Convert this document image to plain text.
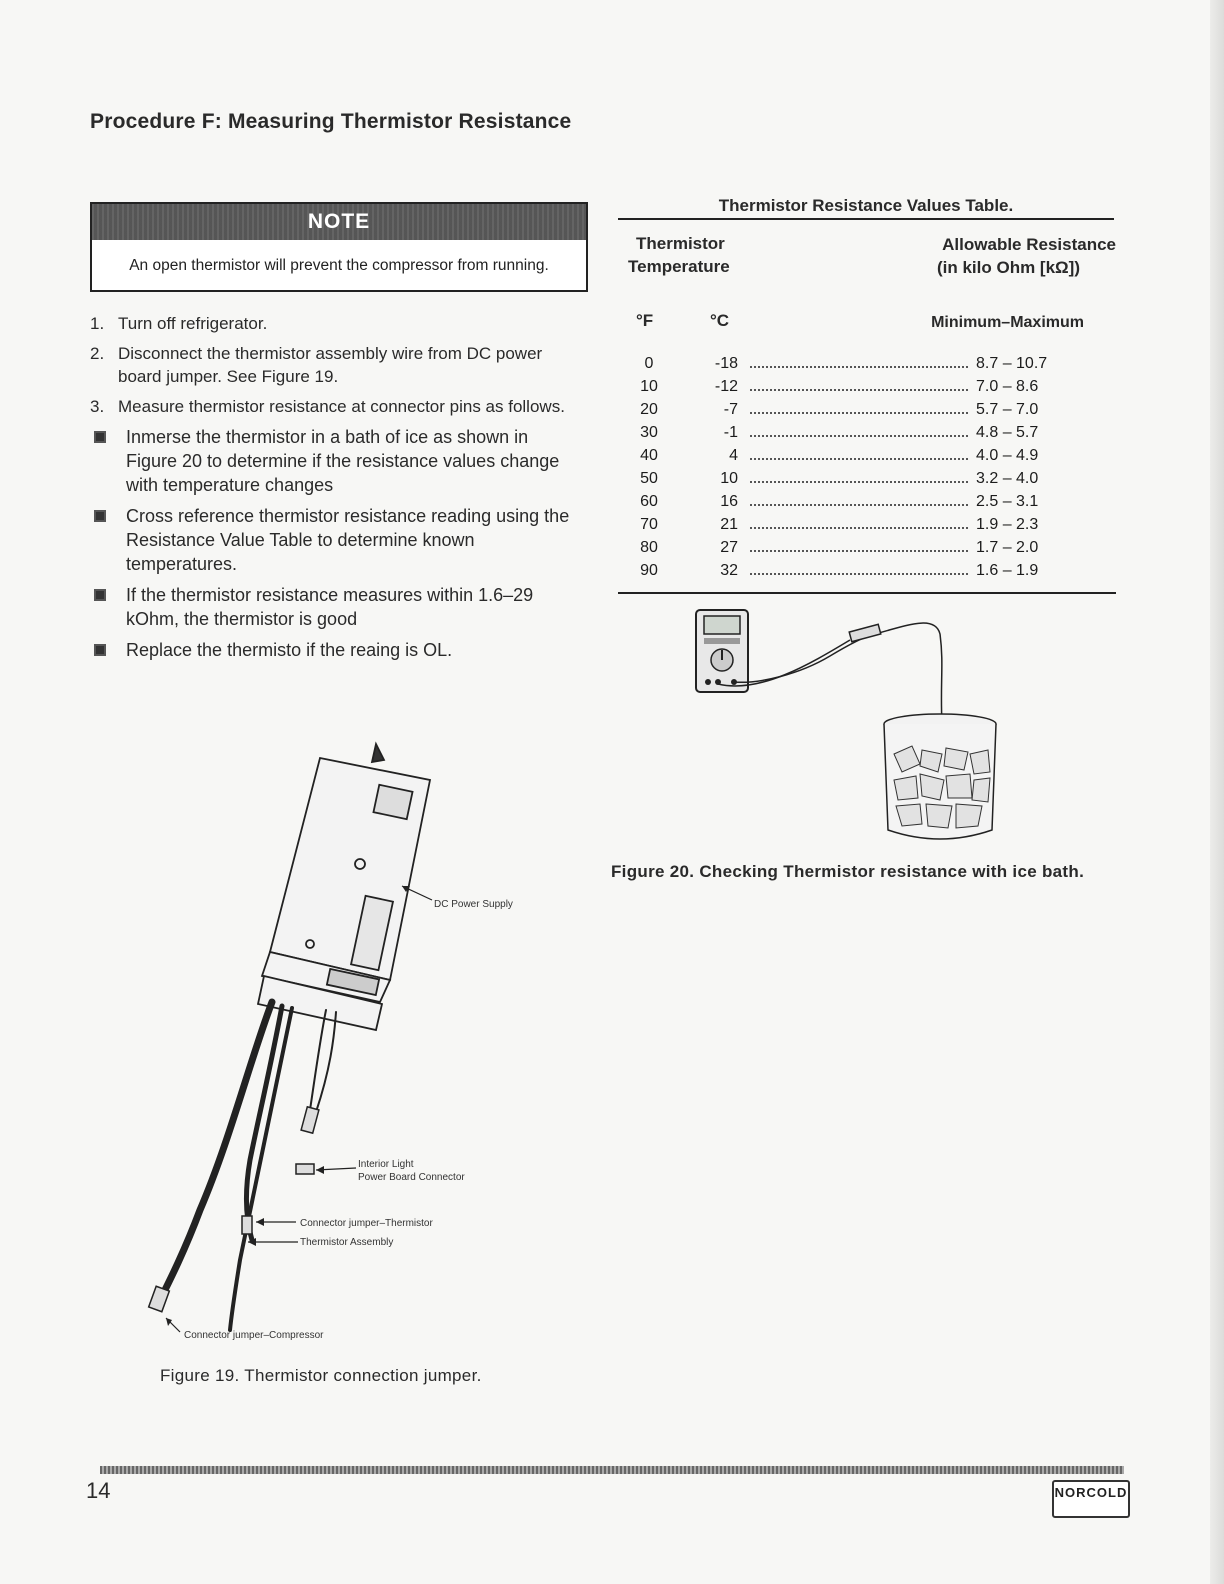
Procedure F: Measuring Thermistor Resistance
NOTE
An open thermistor will prevent the compressor from running.
1. Turn off refrigerator.
2. Disconnect the thermistor assembly wire from DC power board jumper. See Figure 19.
3. Measure thermistor resistance at connector pins as follows.
Inmerse the thermistor in a bath of ice as shown in Figure 20 to determine if the resistance values change with temperature changes
Cross reference thermistor resistance reading using the Resistance Value Table to determine known temperatures.
If the thermistor resistance measures within 1.6–29 kOhm, the thermistor is good
Replace the thermisto if the reaing is OL.
Thermistor Resistance Values Table.
Thermistor
Temperature
Allowable Resistance
(in kilo Ohm [kΩ])
°F	°C	Minimum–Maximum
0	-18	8.7 – 10.7
10	-12	7.0 – 8.6
20	-7	5.7 – 7.0
30	-1	4.8 – 5.7
40	4	4.0 – 4.9
50	10	3.2 – 4.0
60	16	2.5 – 3.1
70	21	1.9 – 2.3
80	27	1.7 – 2.0
90	32	1.6 – 1.9
Figure 20. Checking Thermistor resistance with ice bath.
DC Power Supply
Interior Light
Power Board Connector
Connector jumper–Thermistor
Thermistor Assembly
Connector jumper–Compressor
Figure 19. Thermistor connection jumper.
14	NORCOLD
